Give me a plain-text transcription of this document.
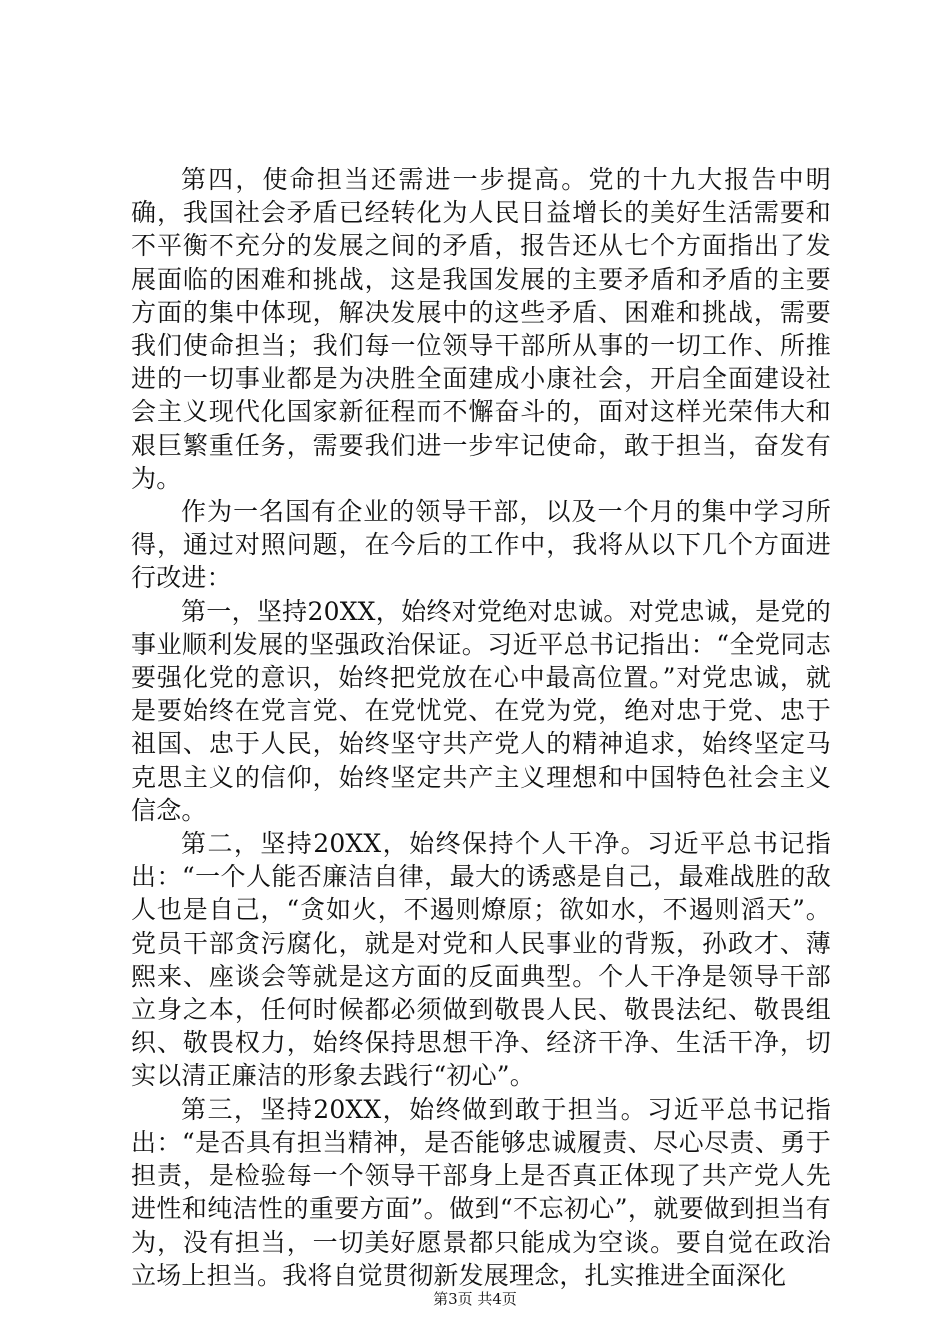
第四，使命担当还需进一步提高。党的十九大报告中明确，我国社会矛盾已经转化为人民日益增长的美好生活需要和不平衡不充分的发展之间的矛盾，报告还从七个方面指出了发展面临的困难和挑战，这是我国发展的主要矛盾和矛盾的主要方面的集中体现，解决发展中的这些矛盾、困难和挑战，需要我们使命担当；我们每一位领导干部所从事的一切工作、所推进的一切事业都是为决胜全面建成小康社会，开启全面建设社会主义现代化国家新征程而不懈奋斗的，面对这样光荣伟大和艰巨繁重任务，需要我们进一步牢记使命，敢于担当，奋发有为。

作为一名国有企业的领导干部，以及一个月的集中学习所得，通过对照问题，在今后的工作中，我将从以下几个方面进行改进：

第一，坚持20XX，始终对党绝对忠诚。对党忠诚，是党的事业顺利发展的坚强政治保证。习近平总书记指出：“全党同志要强化党的意识，始终把党放在心中最高位置。”对党忠诚，就是要始终在党言党、在党忧党、在党为党，绝对忠于党、忠于祖国、忠于人民，始终坚守共产党人的精神追求，始终坚定马克思主义的信仰，始终坚定共产主义理想和中国特色社会主义信念。

第二，坚持20XX，始终保持个人干净。习近平总书记指出：“一个人能否廉洁自律，最大的诱惑是自己，最难战胜的敌人也是自己，“贪如火，不遏则燎原；欲如水，不遏则滔天”。党员干部贪污腐化，就是对党和人民事业的背叛，孙政才、薄熙来、座谈会等就是这方面的反面典型。个人干净是领导干部立身之本，任何时候都必须做到敬畏人民、敬畏法纪、敬畏组织、敬畏权力，始终保持思想干净、经济干净、生活干净，切实以清正廉洁的形象去践行“初心”。

第三，坚持20XX，始终做到敢于担当。习近平总书记指出：“是否具有担当精神，是否能够忠诚履责、尽心尽责、勇于担责，是检验每一个领导干部身上是否真正体现了共产党人先进性和纯洁性的重要方面”。做到“不忘初心”，就要做到担当有为，没有担当，一切美好愿景都只能成为空谈。要自觉在政治立场上担当。我将自觉贯彻新发展理念，扎实推进全面深化

第3页 共4页
